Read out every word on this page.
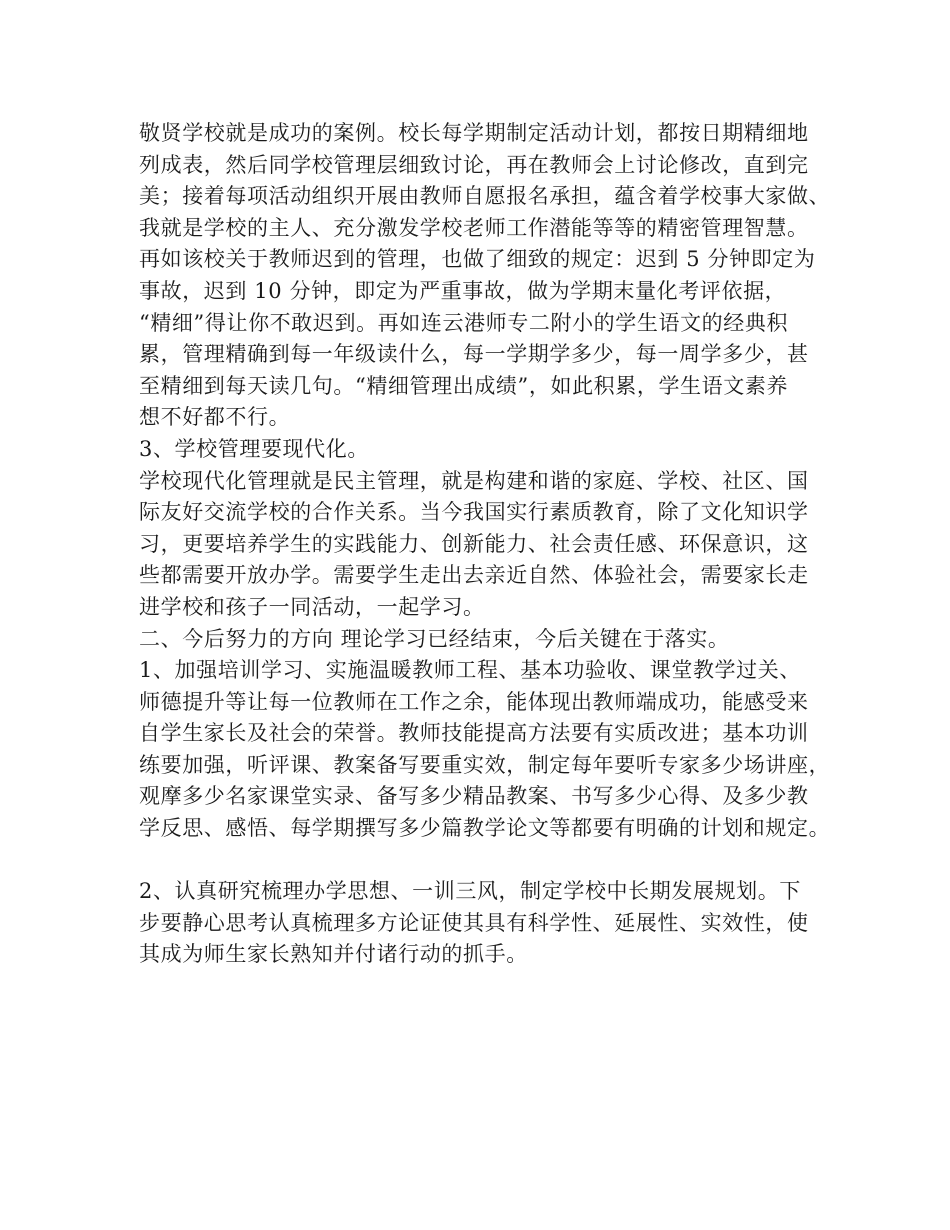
敬贤学校就是成功的案例。校长每学期制定活动计划，都按日期精细地
列成表，然后同学校管理层细致讨论，再在教师会上讨论修改，直到完
美；接着每项活动组织开展由教师自愿报名承担，蕴含着学校事大家做、
我就是学校的主人、充分激发学校老师工作潜能等等的精密管理智慧。
再如该校关于教师迟到的管理，也做了细致的规定：迟到 5 分钟即定为
事故，迟到 10 分钟，即定为严重事故，做为学期末量化考评依据，
“精细”得让你不敢迟到。再如连云港师专二附小的学生语文的经典积
累，管理精确到每一年级读什么，每一学期学多少，每一周学多少，甚
至精细到每天读几句。“精细管理出成绩”，如此积累，学生语文素养
想不好都不行。
3、学校管理要现代化。
学校现代化管理就是民主管理，就是构建和谐的家庭、学校、社区、国
际友好交流学校的合作关系。当今我国实行素质教育，除了文化知识学
习，更要培养学生的实践能力、创新能力、社会责任感、环保意识，这
些都需要开放办学。需要学生走出去亲近自然、体验社会，需要家长走
进学校和孩子一同活动，一起学习。
二、今后努力的方向 理论学习已经结束，今后关键在于落实。
1、加强培训学习、实施温暖教师工程、基本功验收、课堂教学过关、
师德提升等让每一位教师在工作之余，能体现出教师端成功，能感受来
自学生家长及社会的荣誉。教师技能提高方法要有实质改进；基本功训
练要加强，听评课、教案备写要重实效，制定每年要听专家多少场讲座，
观摩多少名家课堂实录、备写多少精品教案、书写多少心得、及多少教
学反思、感悟、每学期撰写多少篇教学论文等都要有明确的计划和规定。
2、认真研究梳理办学思想、一训三风，制定学校中长期发展规划。下
步要静心思考认真梳理多方论证使其具有科学性、延展性、实效性，使
其成为师生家长熟知并付诸行动的抓手。
